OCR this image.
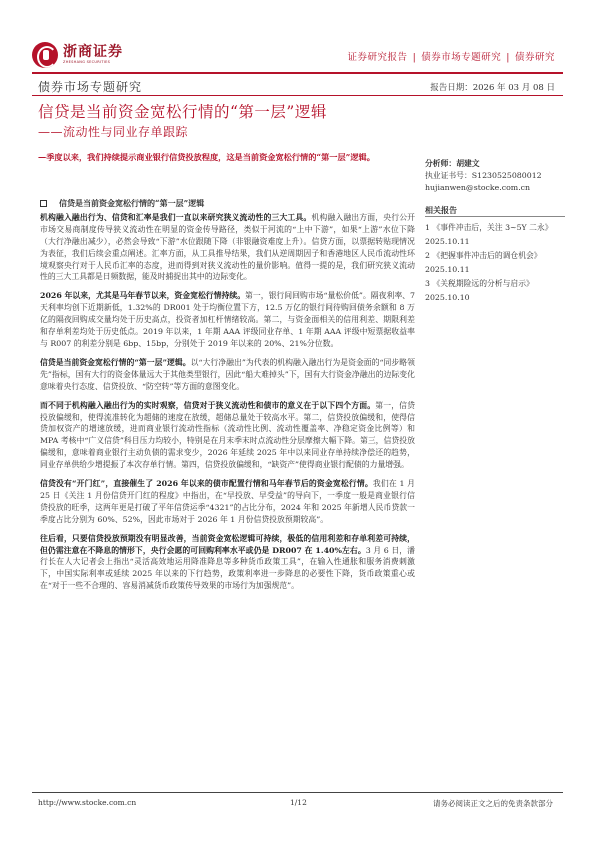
浙商证券
ZHESHANG SECURITIES	证券研究报告 | 债券市场专题研究 | 债券研究
债券市场专题研究	报告日期：2026 年 03 月 08 日
信贷是当前资金宽松行情的“第一层”逻辑
——流动性与同业存单跟踪
—季度以来，我们持续提示商业银行信贷投放程度，这是当前资金宽松行情的“第一层”逻辑。
分析师：胡建文
执业证书号：S1230525080012
hujianwen@stocke.com.cn
相关报告
1 《事件冲击后，关注 3~5Y 二永》 2025.10.11
2 《把握事件冲击后的调仓机会》 2025.10.11
3 《关税期险远的分析与启示》 2025.10.10
信贷是当前资金宽松行情的“第一层”逻辑

机构融入融出行为、信贷和汇率是我们一直以来研究狭义流动性的三大工具。机构融入融出方面，央行公开市场交易商制度传导狭义流动性在明显的资金传导路径，类似于河流的“上中下游”，如果“上游”水位下降（大行净融出减少），必然会导致“下游”水位跟随下降（非银融资难度上升）。信贷方面，以票据转贴现情况为表征，我们后续会重点阐述。汇率方面，从工具推导结果，我们从逆周期因子和香港地区人民币流动性环境观察央行对于人民币汇率的态度，进而得到对狭义流动性的量价影响。值得一提的是，我们研究狭义流动性的三大工具都是日频数据，能及时捕捉出其中的边际变化。

2026 年以来，尤其是马年春节以来，资金宽松行情持续。第一，银行间回购市场“量松价低”。隔夜利率、7 天利率均创下近期新低，1.32%的 DR001 处于均衡位置下方，12.5 万亿的银行间待购回债务余额和 8 万亿的隔夜回购成交量均处于历史高点，投资者加杠杆情绪较高。第二，与资金面相关的信用利差、期限利差和存单利差均处于历史低点。2019 年以来，1 年期 AAA 评级同业存单、1 年期 AAA 评级中短票据收益率与 R007 的利差分别是 6bp、15bp，分别处于 2019 年以来的 20%、21%分位数。

信贷是当前资金宽松行情的“第一层”逻辑。以“大行净融出”为代表的机构融入融出行为是资金面的“同步略领先”指标，国有大行的资金体量远大于其他类型银行，因此“船大难掉头”下，国有大行资金净融出的边际变化意味着央行态度、信贷投放、“防空转”等方面的意图变化。

而不同于机构融入融出行为的实时观察，信贷对于狭义流动性和债市的意义在于以下四个方面。第一，信贷投放偏缓和，使得流准转化为超储的速度在放缓，超储总量处于较高水平。第二，信贷投放偏缓和，使得信贷加权资产的增速放缓，进而商业银行流动性指标（流动性比例、流动性覆盖率、净稳定资金比例等）和 MPA 考核中“广义信贷”科目压力均较小，特别是在月末季末时点流动性分层摩擦大幅下降。第三，信贷投放偏缓和，意味着商业银行主动负债的需求变少，2026 年延续 2025 年中以来同业存单持续净偿还的趋势，同业存单供给少增提振了本次存单行情。第四，信贷投放偏缓和，“缺资产”使得商业银行配债的力量增强。

信贷没有“开门红”，直接催生了 2026 年以来的债市配置行情和马年春节后的资金宽松行情。我们在 1 月 25 日《关注 1 月份信贷开门红的程度》中指出，在“早投放、早受益”的导向下，一季度一般是商业银行信贷投放的旺季，这两年更是打破了平年信贷运季“4321”的占比分布，2024 年和 2025 年新增人民币贷款一季度占比分别为 60%、52%，因此市场对于 2026 年 1 月份信贷投放预期较高”。

往后看，只要信贷投放预期没有明显改善，当前资金宽松逻辑可持续，极低的信用利差和存单利差可持续，但仍需注意在不降息的情形下，央行会愿的可回购利率水平或仍是 DR007 在 1.40%左右。3 月 6 日，潘行长在人大记者会上指出“灵活高效地运用降准降息等多种货币政策工具”，在输入性通胀和服务消费刺激下，中国实际利率或延续 2025 年以来的下行趋势，政策利率进一步降息的必要性下降，货币政策重心或在“对于一些不合理的、容易消减货币政策传导效果的市场行为加强规范”。

http://www.stocke.com.cn	1/12	请务必阅读正文之后的免责条款部分
